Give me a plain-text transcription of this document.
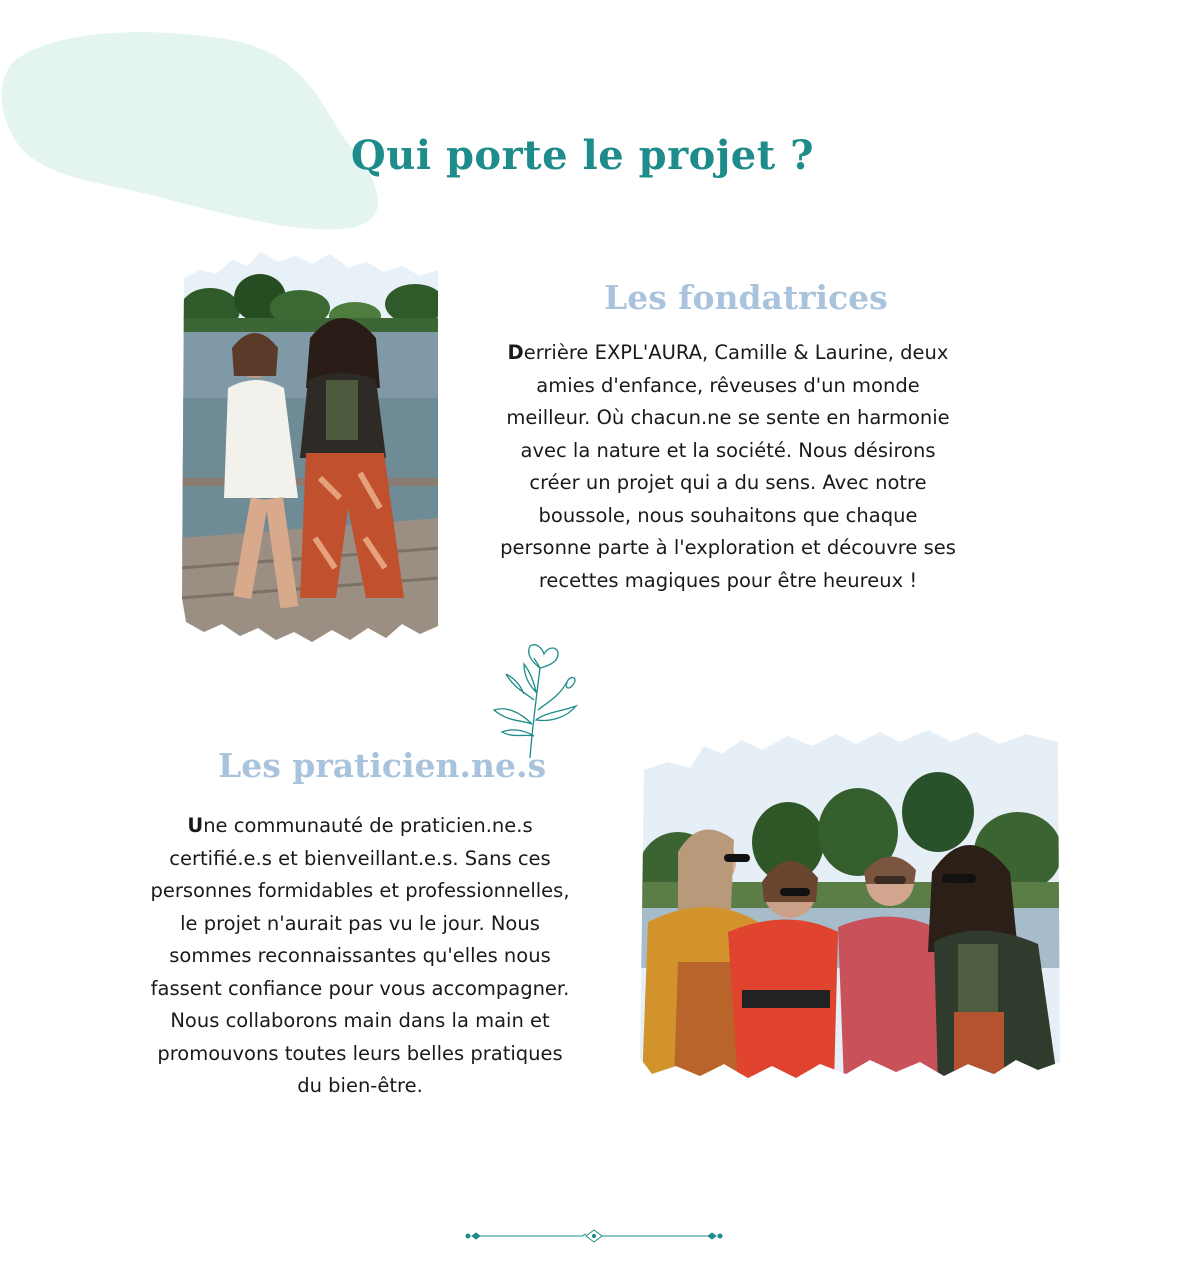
Qui porte le projet ?
Les fondatrices

Derrière EXPL'AURA, Camille & Laurine, deux amies d'enfance, rêveuses d'un monde meilleur. Où chacun.ne se sente en harmonie avec la nature et la société. Nous désirons créer un projet qui a du sens. Avec notre boussole, nous souhaitons que chaque personne parte à l'exploration et découvre ses recettes magiques pour être heureux !

Les praticien.ne.s

Une communauté de praticien.ne.s certifié.e.s et bienveillant.e.s. Sans ces personnes formidables et professionnelles, le projet n'aurait pas vu le jour. Nous sommes reconnaissantes qu'elles nous fassent confiance pour vous accompagner. Nous collaborons main dans la main et promouvons toutes leurs belles pratiques du bien-être.
